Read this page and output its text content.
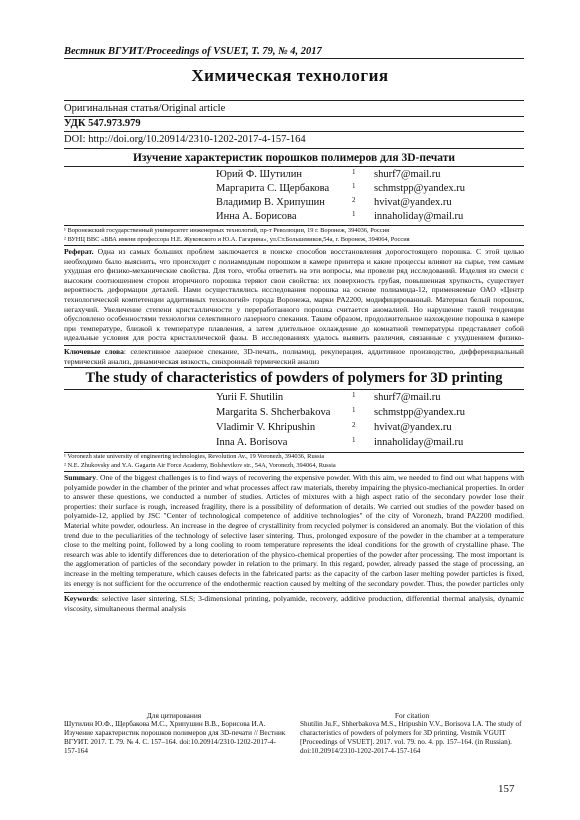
Вестник ВГУИТ/Proceedings of VSUET, Т. 79, № 4, 2017
Химическая технология
Оригинальная статья/Original article
УДК 547.973.979
DOI: http://doi.org/10.20914/2310-1202-2017-4-157-164
Изучение характеристик порошков полимеров для 3D-печати
Юрий Ф. Шутилин	1 shurf7@mail.ru
Маргарита С. Щербакова	1 schmstpp@yandex.ru
Владимир В. Хрипушин	2 hvivat@yandex.ru
Инна А. Борисова	1 innaholiday@mail.ru
¹ Воронежский государственный университет инженерных технологий, пр-т Революции, 19 г. Воронеж, 394036, Россия
² ВУНЦ ВВС «ВВА имени профессора Н.Е. Жуковского и Ю.А. Гагарина», ул.Ст.Большевиков,54а, г. Воронеж, 394064, Россия
Реферат. Одна из самых больших проблем заключается в поиске способов восстановления дорогостоящего порошка. С этой целью необходимо было выяснить, что происходит с полиамидным порошком в камере принтера и какие процессы влияют на сырье, тем самым ухудшая его физико-механические свойства. Для того, чтобы ответить на эти вопросы, мы провели ряд исследований. Изделия из смеси с высоким соотношением сторон вторичного порошка теряют свои свойства: их поверхность грубая, повышенная хрупкость, существует вероятность деформации деталей. Нами осуществлялись исследования порошка на основе полиамида-12, применяемые ОАО «Центр технологической компетенции аддитивных технологий» города Воронежа, марки PA2200, модифицированный. Материал белый порошок, негахучий. Увеличение степени кристалличности у переработанного порошка считается аномалией. Но нарушение такой тенденции обусловлено особенностями технологии селективного лазерного спекания. Таким образом, продолжительное нахождение порошка в камере при температуре, близкой к температуре плавления, а затем длительное охлаждение до комнатной температуры представляет собой идеальные условия для роста кристаллической фазы. В исследованиях удалось выявить различия, связанные с ухудшением физико-
Ключевые слова: селективное лазерное спекание, 3D-печать, полиамид, рекуперация, аддитивное производство, дифференциальный термический анализ, динамическая вязкость, синхронный термический анализ
The study of characteristics of powders of polymers for 3D printing
Yurii F. Shutilin	1 shurf7@mail.ru
Margarita S. Shcherbakova	1 schmstpp@yandex.ru
Vladimir V. Khripushin	2 hvivat@yandex.ru
Inna A. Borisova	1 innaholiday@mail.ru
¹ Voronezh state university of engineering technologies, Revolution Av., 19 Voronezh, 394036, Russia
² N.E. Zhukovsky and Y.A. Gagarin Air Force Academy, Bolshevikov str., 54A, Voronezh, 394064, Russia
Summary. One of the biggest challenges is to find ways of recovering the expensive powder. With this aim, we needed to find out what happens with polyamide powder in the chamber of the printer and what processes affect raw materials, thereby impairing the physico-mechanical properties. In order to answer these questions, we conducted a number of studies. Articles of mixtures with a high aspect ratio of the secondary powder lose their properties: their surface is rough, increased fragility, there is a possibility of deformation of details. We carried out studies of the powder based on polyamide-12, applied by JSC "Center of technological competence of additive technologies" of the city of Voronezh, brand PA2200 modified. Material white powder, odourless. An increase in the degree of crystallinity from recycled polymer is considered an anomaly. But the violation of this trend due to the peculiarities of the technology of selective laser sintering. Thus, prolonged exposure of the powder in the chamber at a temperature close to the melting point, followed by a long cooling to room temperature represents the ideal conditions for the growth of crystalline phase. The research was able to identify differences due to deterioration of the physico-chemical properties of the powder after processing. The most important is the agglomeration of particles of the secondary powder in relation to the primary. In this regard, powder, already passed the stage of processing, an increase in the melting temperature, which causes defects in the fabricated parts: as the capacity of the carbon laser melting powder particles is fixed, its energy is not sufficient for the occurrence of the endothermic reaction caused by melting of the secondary powder. Thus, the powder particles only
Keywords: selective laser sintering, SLS; 3-dimensional printing, polyamide, recovery, additive production, differential thermal analysis, dynamic viscosity, simultaneous thermal analysis
Для цитирования
Шутилин Ю.Ф., Щербакова М.С., Хрипушин В.В., Борисова И.А. Изучение характеристик порошков полимеров для 3D-печати // Вестник ВГУИТ. 2017. Т. 79. № 4. С. 157–164. doi:10.20914/2310-1202-2017-4-157-164
For citation
Shutilin Ju.F., Shherbakova M.S., Hripushin V.V., Borisova I.A. The study of characteristics of powders of polymers for 3D printing. Vestnik VGUIT [Proceedings of VSUET]. 2017. vol. 79. no. 4. pp. 157–164. (in Russian). doi:10.20914/2310-1202-2017-4-157-164
157
